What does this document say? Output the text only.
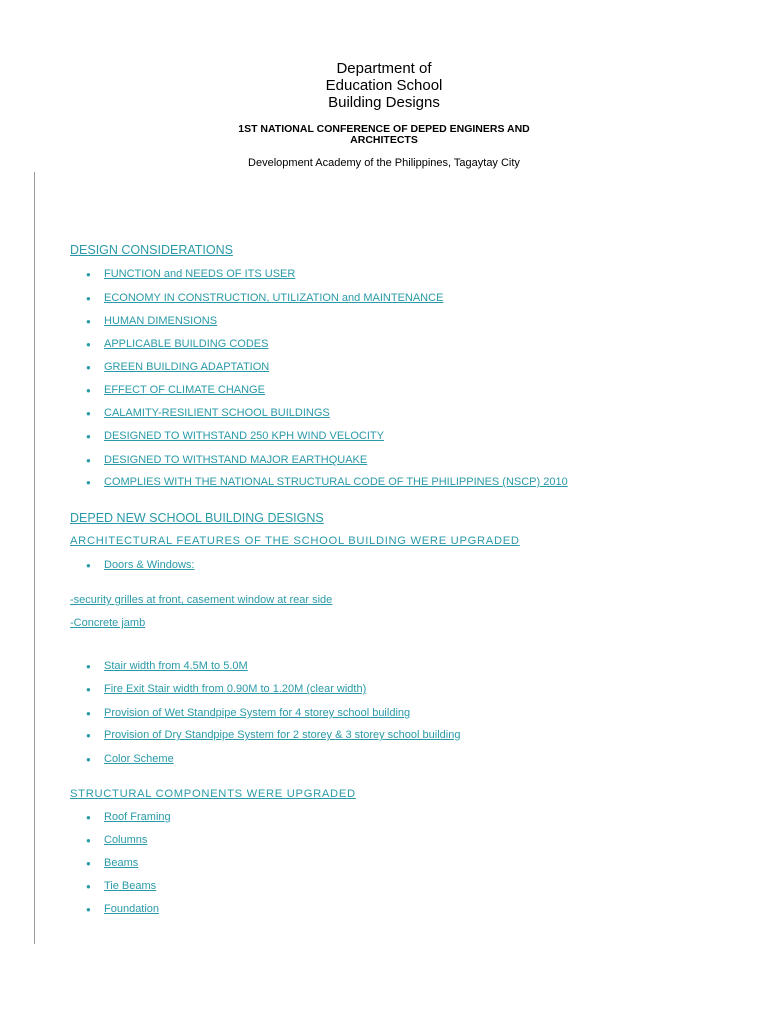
Department of
Education School
Building Designs
1ST NATIONAL CONFERENCE OF DEPED ENGINERS AND
ARCHITECTS
Development Academy of the Philippines, Tagaytay City
DESIGN CONSIDERATIONS
● FUNCTION and NEEDS OF ITS USER
● ECONOMY IN CONSTRUCTION, UTILIZATION and MAINTENANCE
● HUMAN DIMENSIONS
● APPLICABLE BUILDING CODES
● GREEN BUILDING ADAPTATION
● EFFECT OF CLIMATE CHANGE
● CALAMITY-RESILIENT SCHOOL BUILDINGS
● DESIGNED TO WITHSTAND 250 KPH WIND VELOCITY
● DESIGNED TO WITHSTAND MAJOR EARTHQUAKE
● COMPLIES WITH THE NATIONAL STRUCTURAL CODE OF THE PHILIPPINES (NSCP) 2010
DEPED NEW SCHOOL BUILDING DESIGNS
ARCHITECTURAL FEATURES OF THE SCHOOL BUILDING WERE UPGRADED
● Doors & Windows:
-security grilles at front, casement window at rear side
-Concrete jamb
● Stair width from 4.5M to 5.0M
● Fire Exit Stair width from 0.90M to 1.20M (clear width)
● Provision of Wet Standpipe System for 4 storey school building
● Provision of Dry Standpipe System for 2 storey & 3 storey school building
● Color Scheme
STRUCTURAL COMPONENTS WERE UPGRADED
● Roof Framing
● Columns
● Beams
● Tie Beams
● Foundation
